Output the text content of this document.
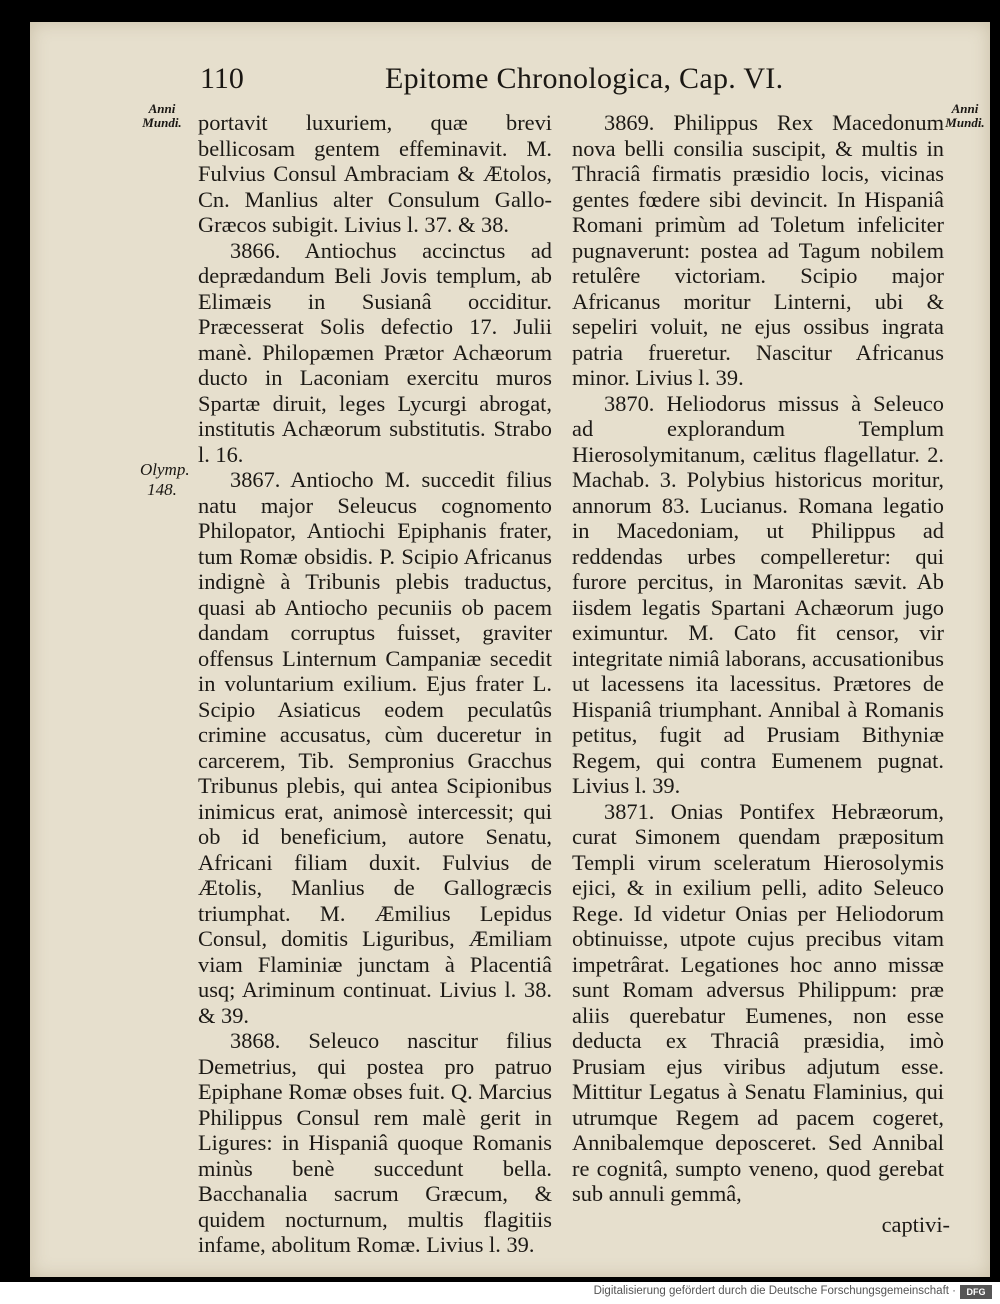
110	Epitome Chronologica, Cap. VI.
Anni Mundi.
Olymp. 148.
Anni Mundi.

portavit luxuriem, quæ brevi bellicosam gentem effeminavit. M. Fulvius Consul Ambraciam & Ætolos, Cn. Manlius alter Consulum Gallo-Græcos subigit. Livius l. 37. & 38.

3866. Antiochus accinctus ad deprædandum Beli Jovis templum, ab Elimæis in Susianâ occiditur. Præcesserat Solis defectio 17. Julii manè. Philopæmen Prætor Achæorum ducto in Laconiam exercitu muros Spartæ diruit, leges Lycurgi abrogat, institutis Achæorum substitutis. Strabo l. 16.

3867. Antiocho M. succedit filius natu major Seleucus cognomento Philopator, Antiochi Epiphanis frater, tum Romæ obsidis. P. Scipio Africanus indignè à Tribunis plebis traductus, quasi ab Antiocho pecuniis ob pacem dandam corruptus fuisset, graviter offensus Linternum Campaniæ secedit in voluntarium exilium. Ejus frater L. Scipio Asiaticus eodem peculatûs crimine accusatus, cùm duceretur in carcerem, Tib. Sempronius Gracchus Tribunus plebis, qui antea Scipionibus inimicus erat, animosè intercessit; qui ob id beneficium, autore Senatu, Africani filiam duxit. Fulvius de Ætolis, Manlius de Gallogræcis triumphat. M. Æmilius Lepidus Consul, domitis Liguribus, Æmiliam viam Flaminiæ junctam à Placentiâ usq; Ariminum continuat. Livius l. 38. & 39.

3868. Seleuco nascitur filius Demetrius, qui postea pro patruo Epiphane Romæ obses fuit. Q. Marcius Philippus Consul rem malè gerit in Ligures: in Hispaniâ quoque Romanis minùs benè succedunt bella. Bacchanalia sacrum Græcum, & quidem nocturnum, multis flagitiis infame, abolitum Romæ. Livius l. 39.

3869. Philippus Rex Macedonum nova belli consilia suscipit, & multis in Thraciâ firmatis præsidio locis, vicinas gentes fœdere sibi devincit. In Hispaniâ Romani primùm ad Toletum infeliciter pugnaverunt: postea ad Tagum nobilem retulêre victoriam. Scipio major Africanus moritur Linterni, ubi & sepeliri voluit, ne ejus ossibus ingrata patria frueretur. Nascitur Africanus minor. Livius l. 39.

3870. Heliodorus missus à Seleuco ad explorandum Templum Hierosolymitanum, cælitus flagellatur. 2. Machab. 3. Polybius historicus moritur, annorum 83. Lucianus. Romana legatio in Macedoniam, ut Philippus ad reddendas urbes compelleretur: qui furore percitus, in Maronitas sævit. Ab iisdem legatis Spartani Achæorum jugo eximuntur. M. Cato fit censor, vir integritate nimiâ laborans, accusationibus ut lacessens ita lacessitus. Prætores de Hispaniâ triumphant. Annibal à Romanis petitus, fugit ad Prusiam Bithyniæ Regem, qui contra Eumenem pugnat. Livius l. 39.

3871. Onias Pontifex Hebræorum, curat Simonem quendam præpositum Templi virum sceleratum Hierosolymis ejici, & in exilium pelli, adito Seleuco Rege. Id videtur Onias per Heliodorum obtinuisse, utpote cujus precibus vitam impetrârat. Legationes hoc anno missæ sunt Romam adversus Philippum: præ aliis querebatur Eumenes, non esse deducta ex Thraciâ præsidia, imò Prusiam ejus viribus adjutum esse. Mittitur Legatus à Senatu Flaminius, qui utrumque Regem ad pacem cogeret, Annibalemque deposceret. Sed Annibal re cognitâ, sumpto veneno, quod gerebat sub annuli gemmâ,

captivi-
Digitalisierung gefördert durch die Deutsche Forschungsgemeinschaft ·	DFG
